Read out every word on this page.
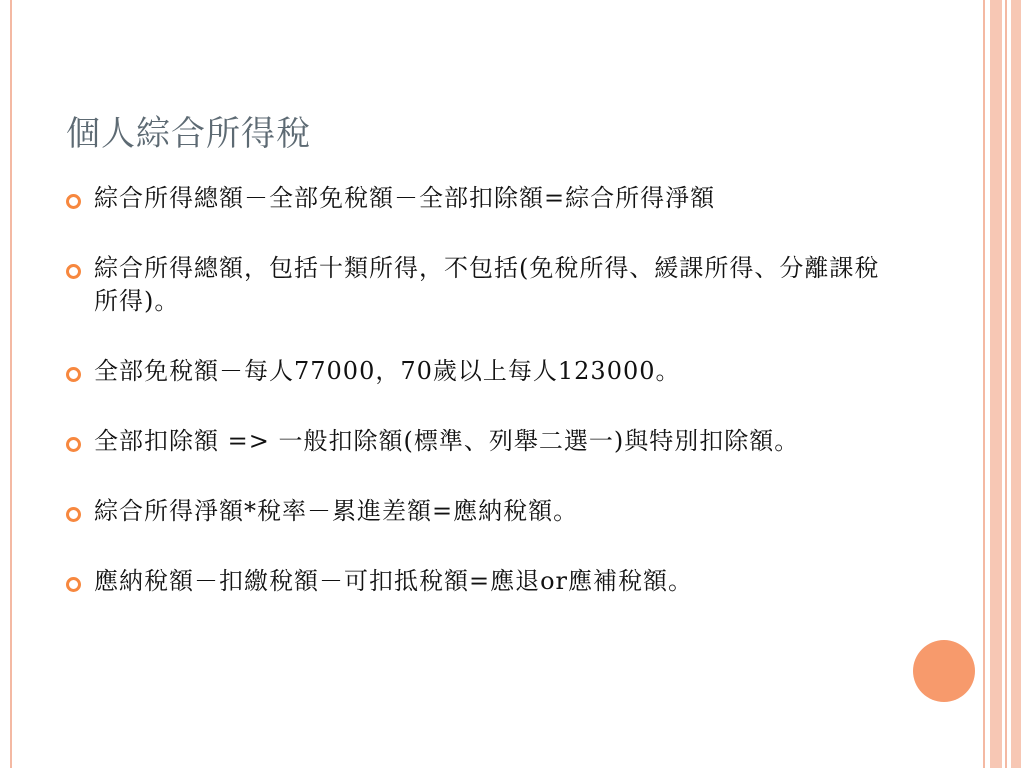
個人綜合所得稅
綜合所得總額－全部免稅額－全部扣除額=綜合所得淨額
綜合所得總額，包括十類所得，不包括(免稅所得、緩課所得、分離課稅所得)。
全部免稅額－每人77000，70歲以上每人123000。
全部扣除額 => 一般扣除額(標準、列舉二選一)與特別扣除額。
綜合所得淨額*稅率－累進差額=應納稅額。
應納稅額－扣繳稅額－可扣抵稅額=應退or應補稅額。
